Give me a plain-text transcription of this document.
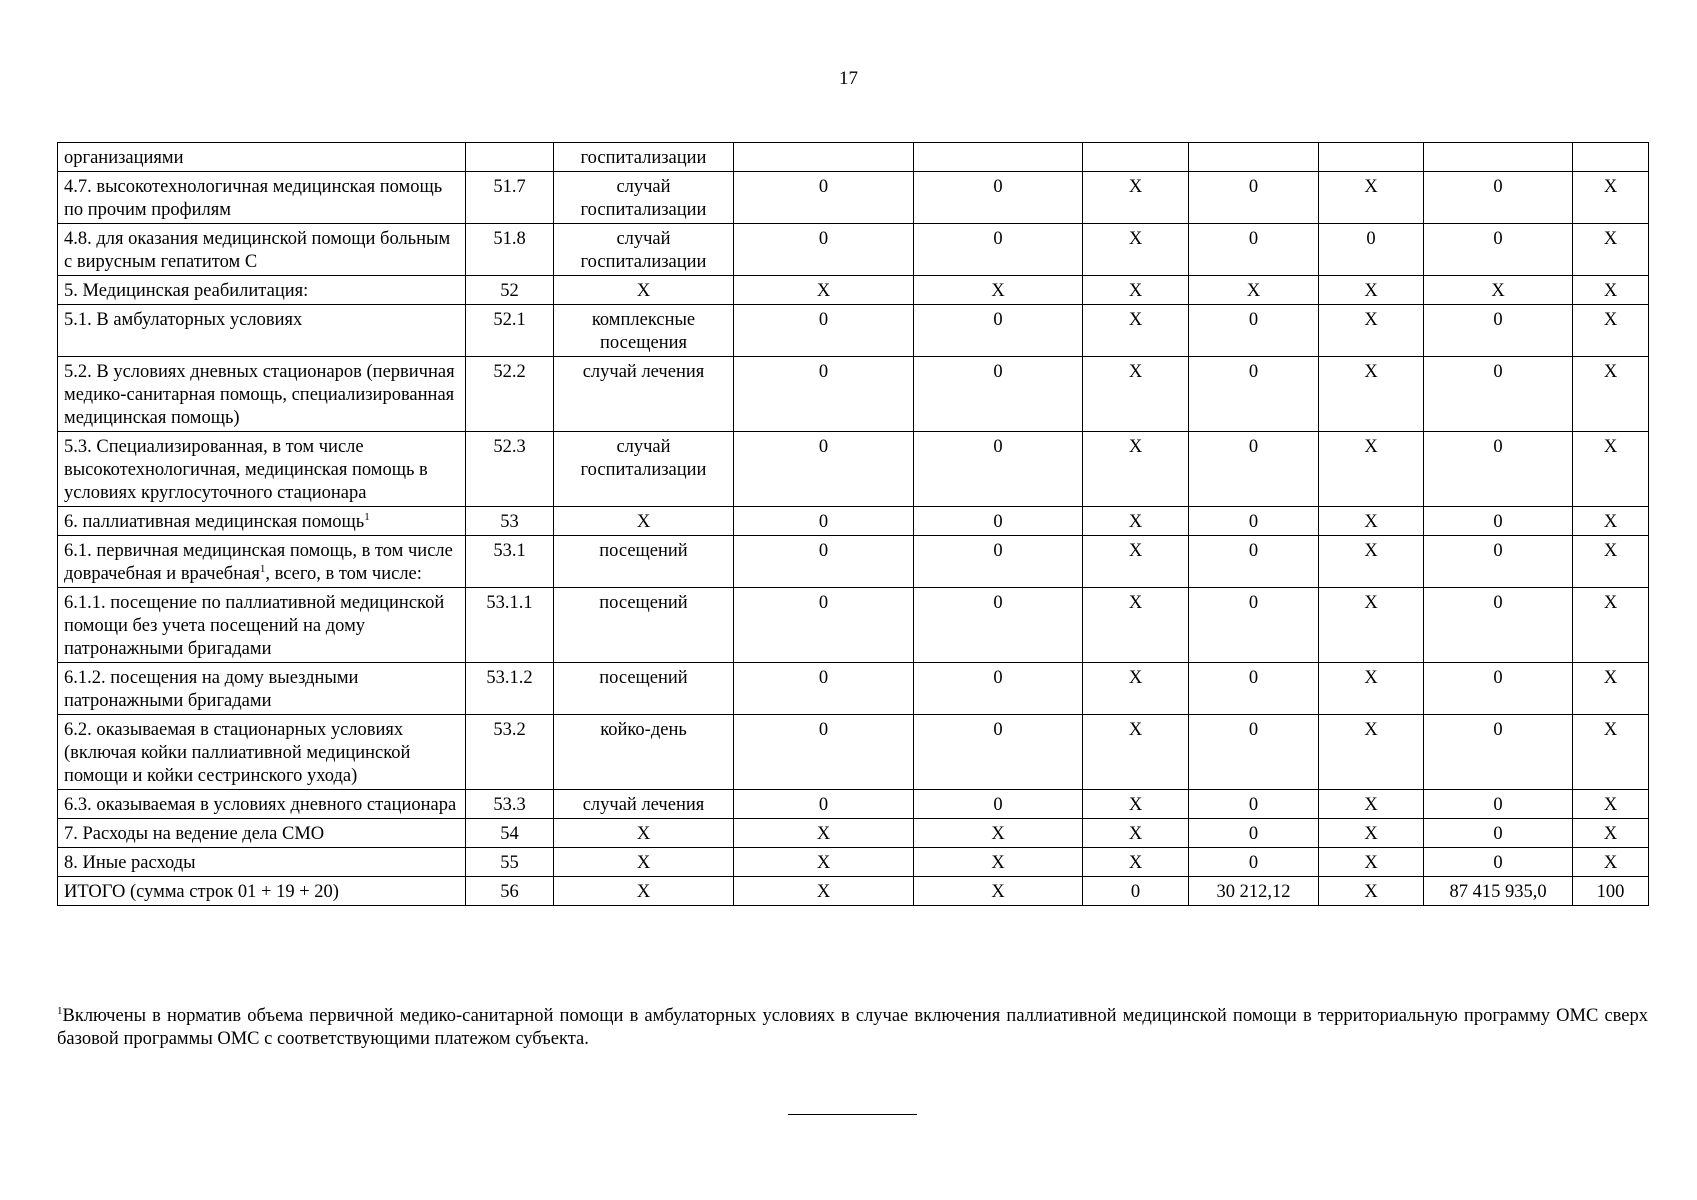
17
организациями		госпитализации							
4.7. высокотехнологичная медицинская помощь по прочим профилям	51.7	случай госпитализации	0	0	X	0	X	0	X
4.8. для оказания медицинской помощи больным с вирусным гепатитом С	51.8	случай госпитализации	0	0	X	0	0	0	X
5. Медицинская реабилитация:	52	X	X	X	X	X	X	X	X
5.1. В амбулаторных условиях	52.1	комплексные посещения	0	0	X	0	X	0	X
5.2. В условиях дневных стационаров (первичная медико-санитарная помощь, специализированная медицинская помощь)	52.2	случай лечения	0	0	X	0	X	0	X
5.3. Специализированная, в том числе высокотехнологичная, медицинская помощь в условиях круглосуточного стационара	52.3	случай госпитализации	0	0	X	0	X	0	X
6. паллиативная медицинская помощь$^1$	53	X	0	0	X	0	X	0	X
6.1. первичная медицинская помощь, в том числе доврачебная и врачебная$^1$, всего, в том числе:	53.1	посещений	0	0	X	0	X	0	X
6.1.1. посещение по паллиативной медицинской помощи без учета посещений на дому патронажными бригадами	53.1.1	посещений	0	0	X	0	X	0	X
6.1.2. посещения на дому выездными патронажными бригадами	53.1.2	посещений	0	0	X	0	X	0	X
6.2. оказываемая в стационарных условиях (включая койки паллиативной медицинской помощи и койки сестринского ухода)	53.2	койко-день	0	0	X	0	X	0	X
6.3. оказываемая в условиях дневного стационара	53.3	случай лечения	0	0	X	0	X	0	X
7. Расходы на ведение дела СМО	54	X	X	X	X	0	X	0	X
8. Иные расходы	55	X	X	X	X	0	X	0	X
ИТОГО (сумма строк 01 + 19 + 20)	56	X	X	X	0	30 212,12	X	87 415 935,0	100
$^1$Включены в норматив объема первичной медико-санитарной помощи в амбулаторных условиях в случае включения паллиативной медицинской помощи в территориальную программу ОМС сверх базовой программы ОМС с соответствующими платежом субъекта.
